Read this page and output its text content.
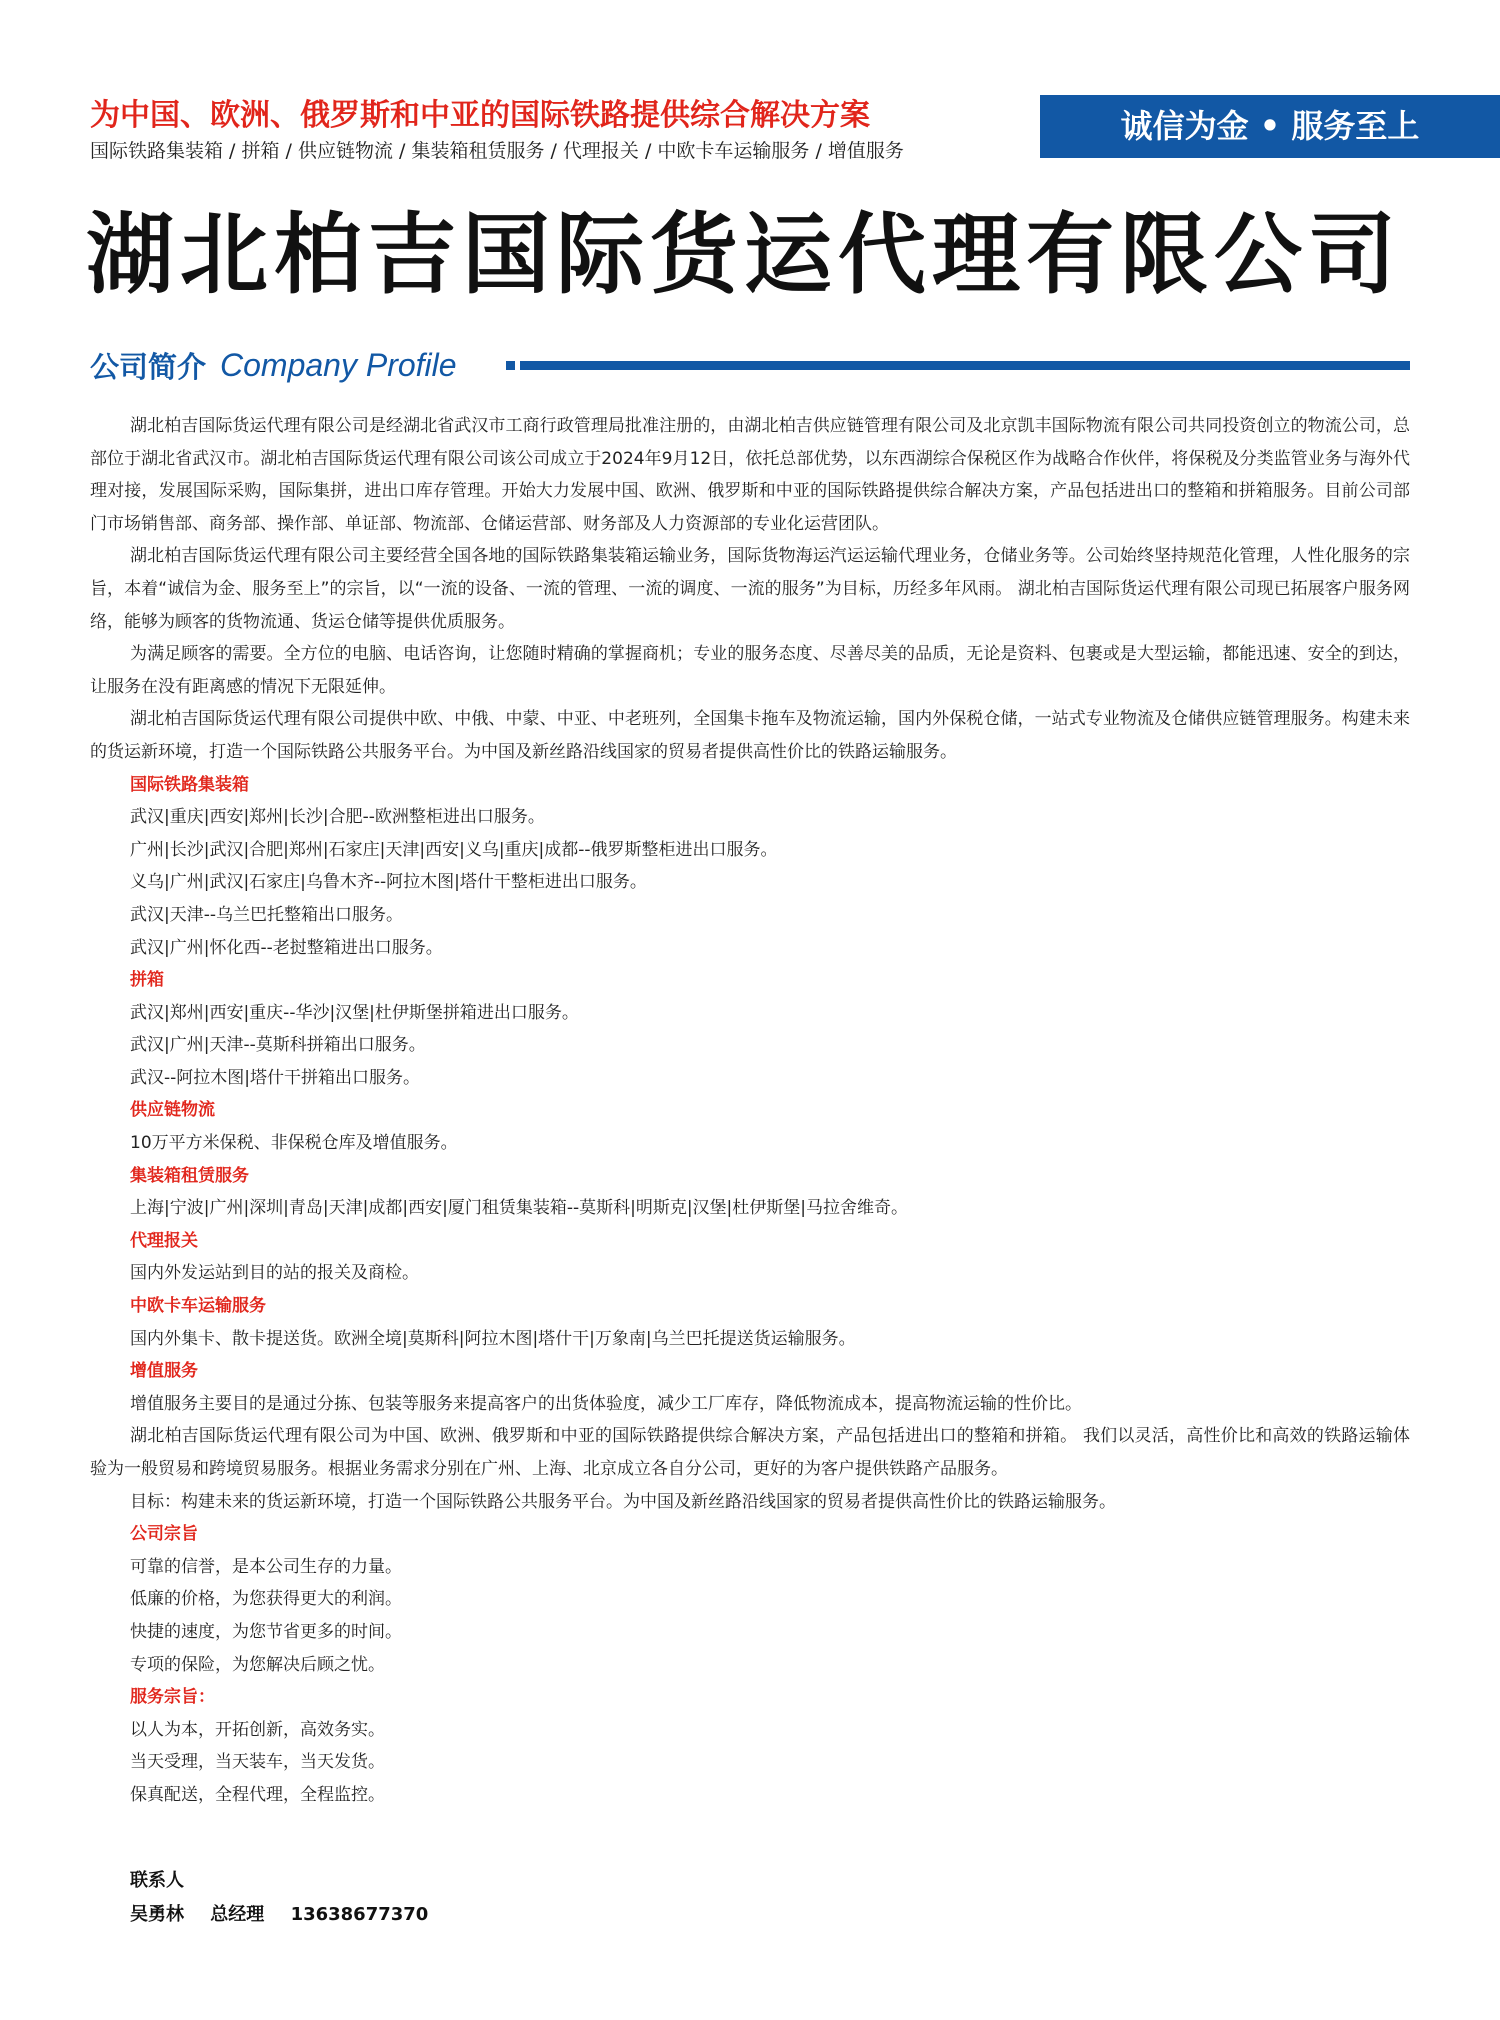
为中国、欧洲、俄罗斯和中亚的国际铁路提供综合解决方案
国际铁路集装箱 / 拼箱 / 供应链物流 / 集装箱租赁服务 / 代理报关 / 中欧卡车运输服务 / 增值服务
诚信为金 • 服务至上
湖北柏吉国际货运代理有限公司
公司简介 Company Profile

湖北柏吉国际货运代理有限公司是经湖北省武汉市工商行政管理局批准注册的，由湖北柏吉供应链管理有限公司及北京凯丰国际物流有限公司共同投资创立的物流公司，总部位于湖北省武汉市。湖北柏吉国际货运代理有限公司该公司成立于2024年9月12日，依托总部优势，以东西湖综合保税区作为战略合作伙伴，将保税及分类监管业务与海外代理对接，发展国际采购，国际集拼，进出口库存管理。开始大力发展中国、欧洲、俄罗斯和中亚的国际铁路提供综合解决方案，产品包括进出口的整箱和拼箱服务。目前公司部门市场销售部、商务部、操作部、单证部、物流部、仓储运营部、财务部及人力资源部的专业化运营团队。

湖北柏吉国际货运代理有限公司主要经营全国各地的国际铁路集装箱运输业务，国际货物海运汽运运输代理业务，仓储业务等。公司始终坚持规范化管理，人性化服务的宗旨，本着“诚信为金、服务至上”的宗旨，以“一流的设备、一流的管理、一流的调度、一流的服务”为目标，历经多年风雨。 湖北柏吉国际货运代理有限公司现已拓展客户服务网络，能够为顾客的货物流通、货运仓储等提供优质服务。

为满足顾客的需要。全方位的电脑、电话咨询，让您随时精确的掌握商机；专业的服务态度、尽善尽美的品质，无论是资料、包裹或是大型运输，都能迅速、安全的到达，让服务在没有距离感的情况下无限延伸。

湖北柏吉国际货运代理有限公司提供中欧、中俄、中蒙、中亚、中老班列，全国集卡拖车及物流运输，国内外保税仓储，一站式专业物流及仓储供应链管理服务。构建未来的货运新环境，打造一个国际铁路公共服务平台。为中国及新丝路沿线国家的贸易者提供高性价比的铁路运输服务。

国际铁路集装箱

武汉|重庆|西安|郑州|长沙|合肥--欧洲整柜进出口服务。

广州|长沙|武汉|合肥|郑州|石家庄|天津|西安|义乌|重庆|成都--俄罗斯整柜进出口服务。

义乌|广州|武汉|石家庄|乌鲁木齐--阿拉木图|塔什干整柜进出口服务。

武汉|天津--乌兰巴托整箱出口服务。

武汉|广州|怀化西--老挝整箱进出口服务。

拼箱

武汉|郑州|西安|重庆--华沙|汉堡|杜伊斯堡拼箱进出口服务。

武汉|广州|天津--莫斯科拼箱出口服务。

武汉--阿拉木图|塔什干拼箱出口服务。

供应链物流

10万平方米保税、非保税仓库及增值服务。

集装箱租赁服务

上海|宁波|广州|深圳|青岛|天津|成都|西安|厦门租赁集装箱--莫斯科|明斯克|汉堡|杜伊斯堡|马拉舍维奇。

代理报关

国内外发运站到目的站的报关及商检。

中欧卡车运输服务

国内外集卡、散卡提送货。欧洲全境|莫斯科|阿拉木图|塔什干|万象南|乌兰巴托提送货运输服务。

增值服务

增值服务主要目的是通过分拣、包装等服务来提高客户的出货体验度，减少工厂库存，降低物流成本，提高物流运输的性价比。

湖北柏吉国际货运代理有限公司为中国、欧洲、俄罗斯和中亚的国际铁路提供综合解决方案，产品包括进出口的整箱和拼箱。 我们以灵活，高性价比和高效的铁路运输体验为一般贸易和跨境贸易服务。根据业务需求分别在广州、上海、北京成立各自分公司，更好的为客户提供铁路产品服务。

目标：构建未来的货运新环境，打造一个国际铁路公共服务平台。为中国及新丝路沿线国家的贸易者提供高性价比的铁路运输服务。

公司宗旨

可靠的信誉，是本公司生存的力量。

低廉的价格，为您获得更大的利润。

快捷的速度，为您节省更多的时间。

专项的保险，为您解决后顾之忧。

服务宗旨：

以人为本，开拓创新，高效务实。

当天受理，当天装车，当天发货。

保真配送，全程代理，全程监控。

联系人
吴勇林 总经理 13638677370
